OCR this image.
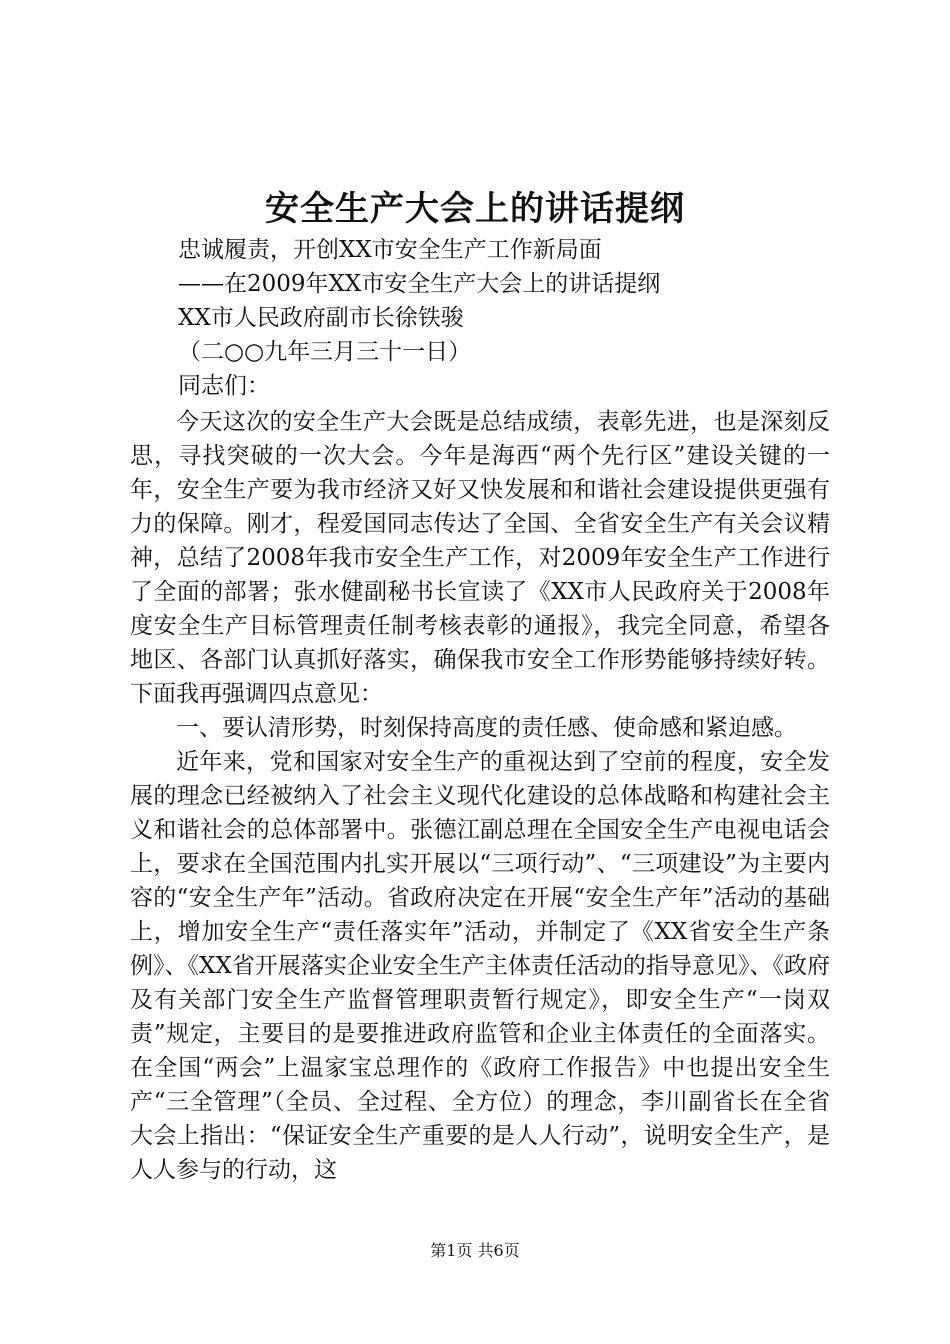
安全生产大会上的讲话提纲
忠诚履责，开创XX市安全生产工作新局面
——在2009年XX市安全生产大会上的讲话提纲
XX市人民政府副市长徐铁骏
（二○○九年三月三十一日）
同志们：

今天这次的安全生产大会既是总结成绩，表彰先进，也是深刻反思，寻找突破的一次大会。今年是海西“两个先行区”建设关键的一年，安全生产要为我市经济又好又快发展和和谐社会建设提供更强有力的保障。刚才，程爱国同志传达了全国、全省安全生产有关会议精神，总结了2008年我市安全生产工作，对2009年安全生产工作进行了全面的部署；张水健副秘书长宣读了《XX市人民政府关于2008年度安全生产目标管理责任制考核表彰的通报》，我完全同意，希望各地区、各部门认真抓好落实，确保我市安全工作形势能够持续好转。下面我再强调四点意见：

一、要认清形势，时刻保持高度的责任感、使命感和紧迫感。

近年来，党和国家对安全生产的重视达到了空前的程度，安全发展的理念已经被纳入了社会主义现代化建设的总体战略和构建社会主义和谐社会的总体部署中。张德江副总理在全国安全生产电视电话会上，要求在全国范围内扎实开展以“三项行动”、“三项建设”为主要内容的“安全生产年”活动。省政府决定在开展“安全生产年”活动的基础上，增加安全生产“责任落实年”活动，并制定了《XX省安全生产条例》、《XX省开展落实企业安全生产主体责任活动的指导意见》、《政府及有关部门安全生产监督管理职责暂行规定》，即安全生产“一岗双责”规定，主要目的是要推进政府监管和企业主体责任的全面落实。在全国“两会”上温家宝总理作的《政府工作报告》中也提出安全生产“三全管理”（全员、全过程、全方位）的理念，李川副省长在全省大会上指出：“保证安全生产重要的是人人行动”，说明安全生产，是人人参与的行动，这

第1页 共6页
